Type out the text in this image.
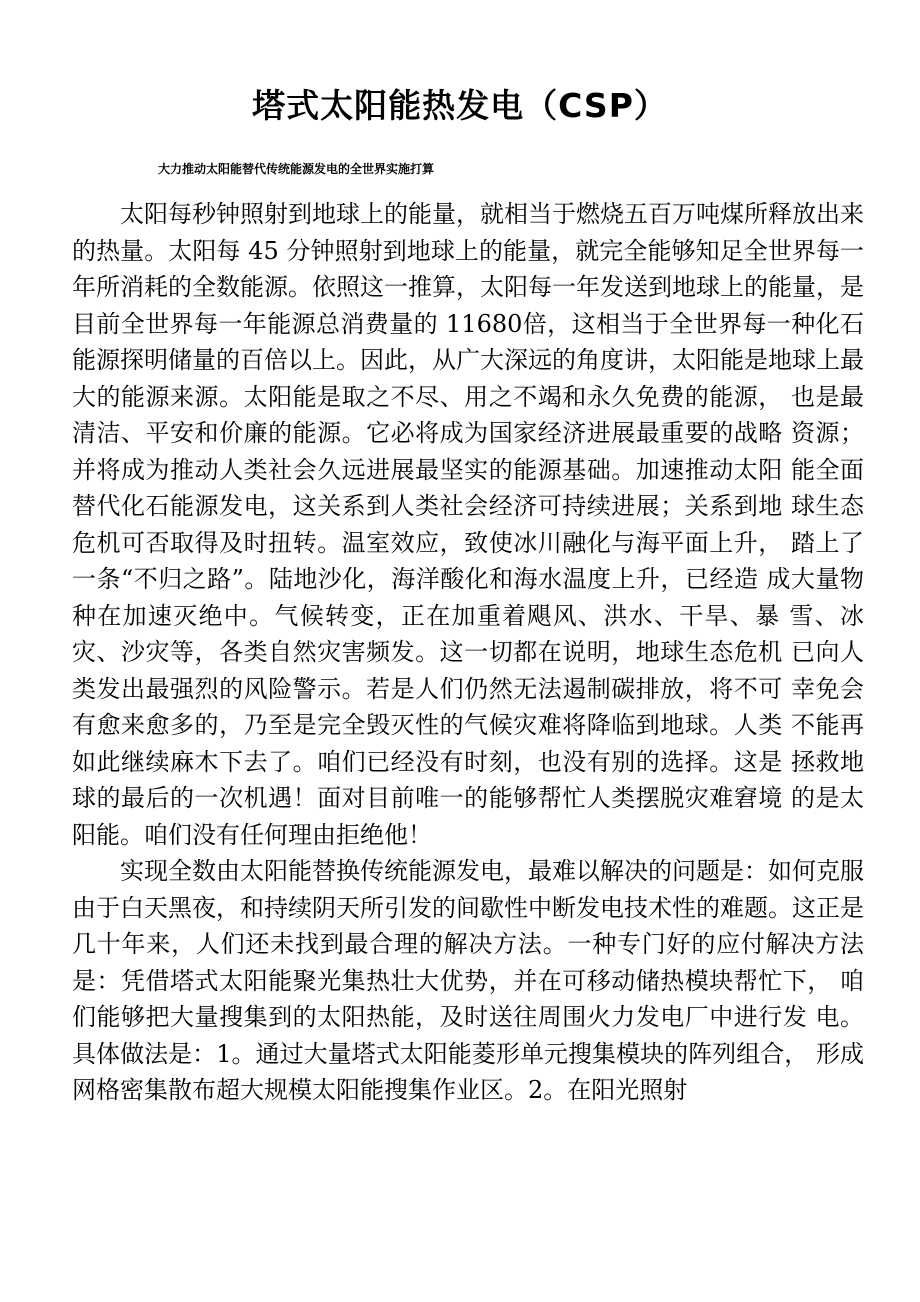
塔式太阳能热发电（CSP）

大力推动太阳能替代传统能源发电的全世界实施打算

太阳每秒钟照射到地球上的能量，就相当于燃烧五百万吨煤所释放出来的热量。太阳每 45 分钟照射到地球上的能量，就完全能够知足全世界每一年所消耗的全数能源。依照这一推算，太阳每一年发送到地球上的能量，是目前全世界每一年能源总消费量的 11680倍，这相当于全世界每一种化石能源探明储量的百倍以上。因此，从广大深远的角度讲，太阳能是地球上最大的能源来源。太阳能是取之不尽、用之不竭和永久免费的能源， 也是最清洁、平安和价廉的能源。它必将成为国家经济进展最重要的战略 资源；并将成为推动人类社会久远进展最坚实的能源基础。加速推动太阳 能全面替代化石能源发电，这关系到人类社会经济可持续进展；关系到地 球生态危机可否取得及时扭转。温室效应，致使冰川融化与海平面上升， 踏上了一条“不归之路”。陆地沙化，海洋酸化和海水温度上升，已经造 成大量物种在加速灭绝中。气候转变，正在加重着飓风、洪水、干旱、暴 雪、冰灾、沙灾等，各类自然灾害频发。这一切都在说明，地球生态危机 已向人类发出最强烈的风险警示。若是人们仍然无法遏制碳排放，将不可 幸免会有愈来愈多的，乃至是完全毁灭性的气候灾难将降临到地球。人类 不能再如此继续麻木下去了。咱们已经没有时刻，也没有别的选择。这是 拯救地球的最后的一次机遇！面对目前唯一的能够帮忙人类摆脱灾难窘境 的是太阳能。咱们没有任何理由拒绝他！

实现全数由太阳能替换传统能源发电，最难以解决的问题是：如何克服由于白天黑夜，和持续阴天所引发的间歇性中断发电技术性的难题。这正是几十年来，人们还未找到最合理的解决方法。一种专门好的应付解决方法是：凭借塔式太阳能聚光集热壮大优势，并在可移动储热模块帮忙下， 咱们能够把大量搜集到的太阳热能，及时送往周围火力发电厂中进行发 电。具体做法是：1。通过大量塔式太阳能菱形单元搜集模块的阵列组合， 形成网格密集散布超大规模太阳能搜集作业区。2。在阳光照射
